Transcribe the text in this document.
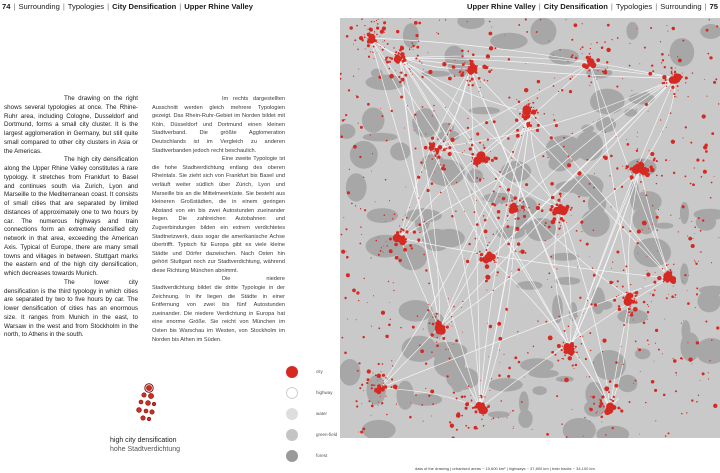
74 | Surrounding | Typologies | City Densification | Upper Rhine Valley	Upper Rhine Valley | City Densification | Typologies | Surrounding | 75

The drawing on the right shows several typologies at once. The Rhine-Ruhr area, including Cologne, Dusseldorf and Dortmund, forms a small city cluster. It is the largest agglomeration in Germany, but still quite small compared to other city clusters in Asia or the Americas.

The high city densification along the Upper Rhine Valley constitutes a rare typology. It stretches from Frankfurt to Basel and continues south via Zurich, Lyon and Marseille to the Mediterranean coast. It consists of small cities that are separated by limited distances of approximately one to two hours by car. The numerous highways and train connections form an extremely densified city network in that area, exceeding the American Axis. Typical of Europe, there are many small towns and villages in between. Stuttgart marks the eastern end of the high city densification, which decreases towards Munich.

The lower city densification is the third typology in which cities are separated by two to five hours by car. The lower densification of cities has an enormous size. It ranges from Munich in the east, to Warsaw in the west and from Stockholm in the north, to Athens in the south.

Im rechts dargestellten Ausschnitt werden gleich mehrere Typologien gezeigt. Das Rhein-Ruhr-Gebiet im Norden bildet mit Köln, Düsseldorf und Dortmund einen kleinen Stadtverband. Die größte Agglomeration Deutschlands ist im Vergleich zu anderen Stadtverbanden jedoch recht beschaulich.

Eine zweite Typologie ist die hohe Stadtverdichtung entlang des oberen Rheintals. Sie zieht sich von Frankfurt bis Basel und verläuft weiter südlich über Zürich, Lyon und Marseille bis an die Mittelmeerküste. Sie besteht aus kleineren Großstädten, die in einem geringen Abstand von ein bis zwei Autostunden zueinander liegen. Die zahlreichen Autobahnen und Zugverbindungen bilden ein extrem verdichtetes Stadtnetzwerk, dass sogar die amerikanische Achse übertrifft. Typisch für Europa gibt es viele kleine Städte und Dörfer dazwischen. Nach Osten hin gehört Stuttgart noch zur Stadtverdichtung, während diese Richtung München abnimmt.

Die niedere Stadtverdichtung bildet die dritte Typologie in der Zeichnung. In ihr liegen die Städte in einer Entfernung von zwei bis fünf Autostunden zueinander. Die niedere Verdichtung in Europa hat eine enorme Größe. Sie reicht von München im Osten bis Warschau im Westen, von Stockholm im Norden bis Athen im Süden.

city
highway
water
green-field
forest
high city densification
hohe Stadtverdichtung
data of the drawing | urbanised areas ~ 10,600 km² | highways ~ 37,800 km | train tracks ~ 34,100 km
